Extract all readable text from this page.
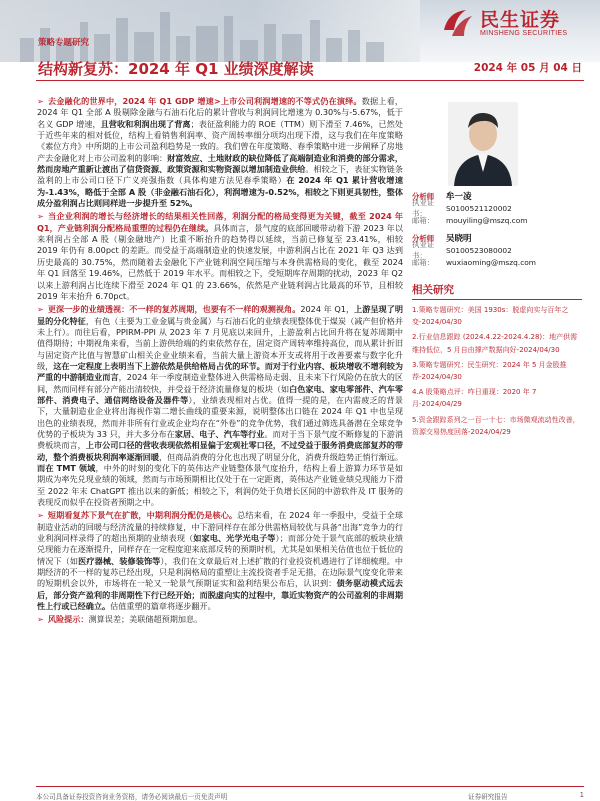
民生证券
MINSHENG SECURITIES
策略专题研究
结构新复苏：2024 年 Q1 业绩深度解读	2024 年 05 月 04 日

➢ 去金融化的世界中，2024 年 Q1 GDP 增速>上市公司利润增速的不等式仍在演绎。数据上看，2024 年 Q1 全部 A 股剔除金融与石油石化后的累计营收与利润同比增速为 0.30%与-5.67%，低于名义 GDP 增速，且营收和利润出现了背离；表征盈利能力的 ROE（TTM）则下滑至 7.46%，已然处于近些年来的相对低位，结构上看销售利润率、资产周转率细分项均出现下滑，这与我们在年度策略《素位方舟》中所期的上市公司盈利趋势是一致的。我们曾在年度策略、春季策略中进一步阐释了房地产去金融化对上市公司盈利的影响：财富效应、土地财政的缺位降低了高端制造业和消费的部分需求，然而房地产重新让渡出了信贷资源、政策资源和实物资源以增加制造业供给。相较之下，表征实物链条盈利的上市公司口径下广义亮强指数（具体构建方法见春季策略）在 2024 年 Q1 累计营收增速为-1.43%，略低于全部 A 股（非金融石油石化），利润增速为-0.52%，相较之下则更具韧性，整体成分盈利润占比则同样进一步提升至 52%。

➢ 当企业利润的增长与经济增长的结果相关性回落，利润分配的格局变得更为关键，截至 2024 年 Q1，产业链利润分配格局重塑的过程仍在继续。具体而言，景气度的底部回暖带动着下游 2023 年以来利润占全部 A 股（剔金融地产）比重不断抬升的趋势得以延续，当前已修复至 23.41%，相较 2019 年仍有 8.00pct 的差距。而受益于高端制造业的快速发展，中游利润占比在 2021 年 Q3 达到历史最高的 30.75%，然而随着去金融化下产业链利润空间压缩与本身供需格局的变化，截至 2024 年 Q1 回落至 19.46%，已然低于 2019 年水平。而相较之下，受短期库存周期的扰动，2023 年 Q2 以来上游利润占比连续下滑至 2024 年 Q1 的 23.66%，依然是产业链利润占比最高的环节，且相较 2019 年末抬升 6.70pct。

➢ 更深一步的业绩透视：不一样的复苏周期，也要有不一样的观测视角。2024 年 Q1，上游呈现了明显的分化特征，有色（主要为工业金属与贵金属）与石油石化的业绩表现整体优于煤炭（减产但价格并未上行）。而往后看，PPIRM-PPI 从 2023 年 7 月见底以来回升，上游盈利占比回升将在复苏周期中值得期待；中期视角来看，当前上游供给端的约束依然存在，固定资产周转率维持高位，而从累计折旧与固定资产比值与智慧矿山相关企业业绩来看，当前大量上游资本开支或将用于改善要素与数字化升级，这在一定程度上表明当下上游依然是供给格局占优的环节。而对于行业内容、板块增收不增利较为严重的中游制造业而言，2024 年一季度制造业整体进入供需格局走弱、且未来下行风险仍在放大的区间，然而同样有部分产能出清较快，并受益于经济流量修复的板块（如白色家电、家电零部件、汽车零部件、消费电子、通信网络设备及器件等），业绩表现相对占优。值得一提的是，在内需疲乏的背景下，大量制造业企业将出海视作第二增长曲线的重要来源，说明整体出口链在 2024 年 Q1 中也呈现出色的业绩表现，然而并非所有行业或企业均存在“外卷”的竞争优势，我们通过筛选具备潜在全球竞争优势的子板块为 33 只，并大多分布在家居、电子、汽车等行业。而对于当下景气度不断修复的下游消费板块而言，上市公司口径的营收表现依然相显偏于宏观社零口径，不过受益于服务消费底部复苏的带动，整个消费板块利润率逐渐回暖，但商品消费的分化也出现了明显分化，消费升级趋势正悄行渐远。而在 TMT 领域，中外的时刻的变化下的英伟达产业链整体景气度抬升，结构上看上游算力环节是如期成为率先兑现业绩的领域，然而与市场预期相比仅处于在一定距离，英伟达产业链业绩兑现能力下滑至 2022 年末 ChatGPT 推出以来的新低；相较之下，利润仍处于负增长区间的中游软件及 IT 服务的表现反而似乎在投资者预期之中。

➢ 短期看复苏下景气在扩散，中期利润分配仍是核心。总结来看，在 2024 年一季报中，受益于全球制造业活动的回暖与经济流量的持续修复，中下游同样存在部分供需格局较优与具备“出海”竞争力的行业利润同样录得了的超出预期的业绩表现（如家电、光学光电子等）；而部分处于景气底部的板块业绩兑现能力在逐渐提升，同样存在一定程度迎来底部反转的预期时机，尤其是如果相关估值也位于低位的情况下（如医疗器械、装修装饰等），我们在文章最后对上述扩散的行业投资机遇进行了详细梳理。中期经济的不一样的复苏已经出现，只是利润格局的重塑让主流投资者手足无措，在边际景气度变化带来的短期机会以外，市场将在一轮又一轮景气预期证实和盈利结果公布后，认识到：债务驱动模式远去后，部分资产盈利的非周期性下行已经开始；而脱虚向实的过程中，靠近实物资产的公司盈利的非周期性上行或已经确立。估值重塑的篇章将逐步翻开。

➢ 风险提示：测算误差；美联储超预期加息。

分析师	牟一凌
执业证书：
S0100521120002
邮箱：	mouyiling@mszq.com
分析师	吴晓明
执业证书：
S0100523080002
邮箱：	wuxiaoming@mszq.com
相关研究
1.策略专题研究：美国 1930s：脱虚向实与百年之变-2024/04/30
2.行业信息跟踪 (2024.4.22-2024.4.28)：地产供需维持低位，5 月自由撑产数据向好-2024/04/30
3.策略专题研究：民生研究：2024 年 5 月金股推荐-2024/04/30
4.A 股策略点评：咋日重现：2020 年 7 月-2024/04/29
5.资金跟踪系列之一百一十七：市场微观流动性改善，资源交易热度回落-2024/04/29
本公司具备证券投资咨询业务资格，请务必阅读最后一页免责声明	证券研究报告	1
